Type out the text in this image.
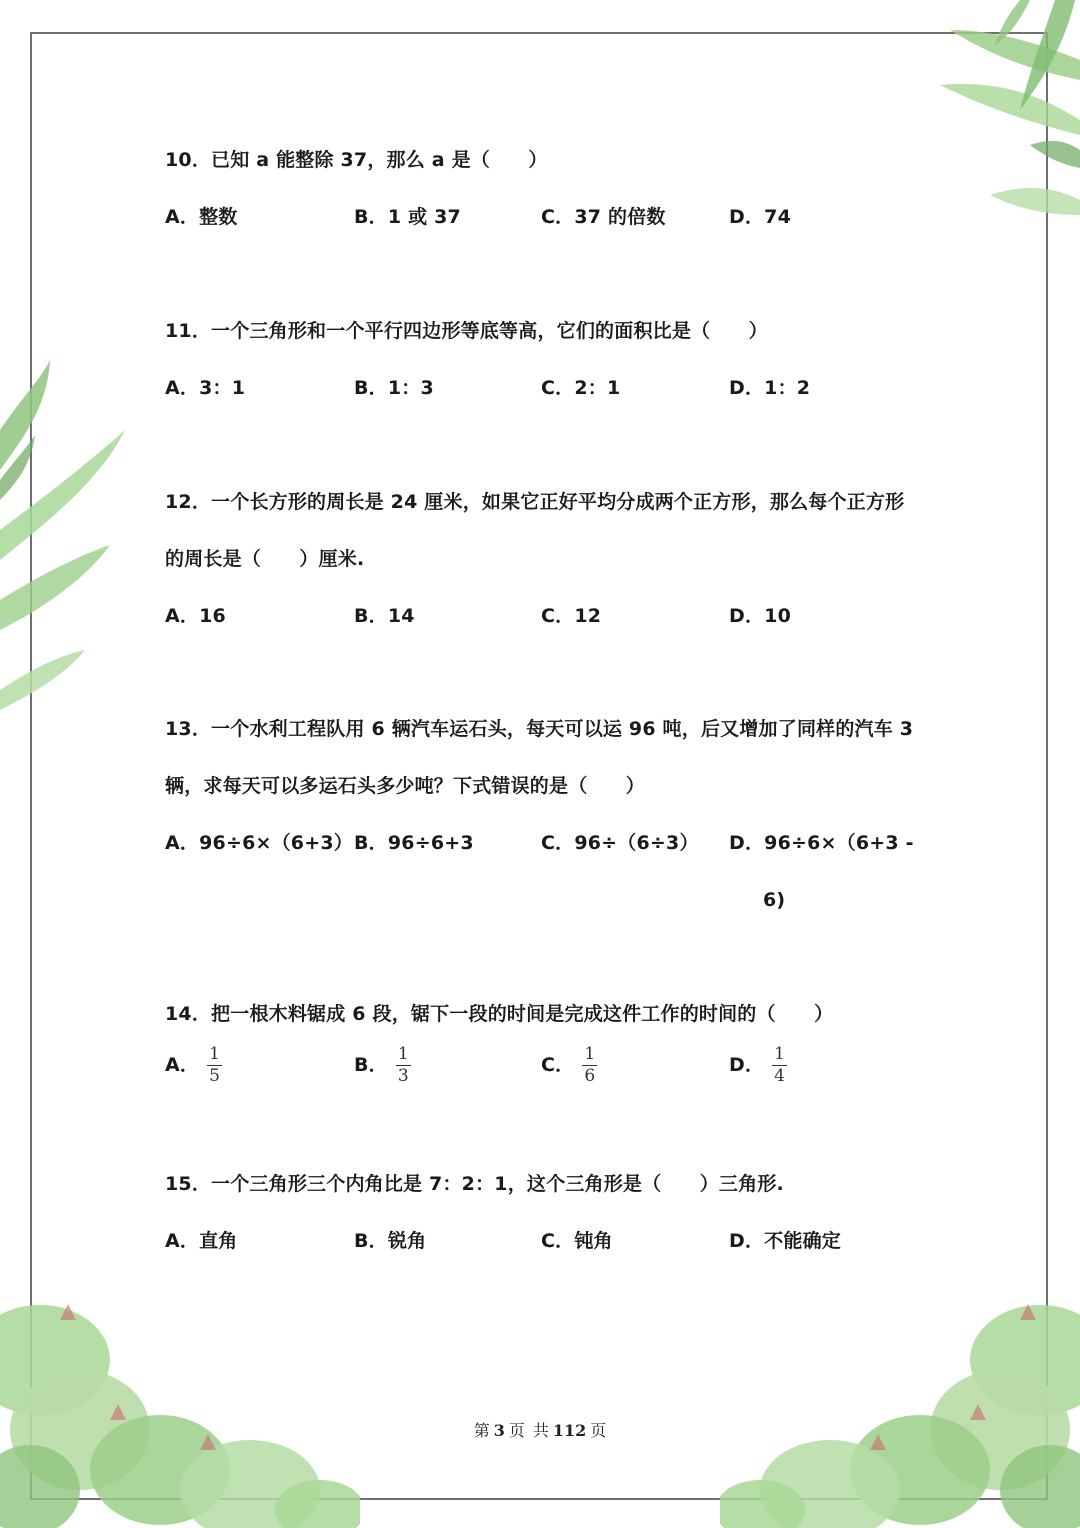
10．已知 a 能整除 37，那么 a 是（　　）
A．整数	B．1 或 37	C．37 的倍数	D．74
11．一个三角形和一个平行四边形等底等高，它们的面积比是（　　）
A．3：1	B．1：3	C．2：1	D．1：2
12．一个长方形的周长是 24 厘米，如果它正好平均分成两个正方形，那么每个正方形
的周长是（　　）厘米.
A．16	B．14	C．12	D．10
13．一个水利工程队用 6 辆汽车运石头，每天可以运 96 吨，后又增加了同样的汽车 3
辆，求每天可以多运石头多少吨？下式错误的是（　　）
A．96÷6×（6+3） B．96÷6+3	C．96÷（6÷3） D．96÷6×（6+3 -
6)
14．把一根木料锯成 6 段，锯下一段的时间是完成这件工作的时间的（　　）
A． $\frac{1}{5}$	B． $\frac{1}{3}$	C． $\frac{1}{6}$	D． $\frac{1}{4}$
15．一个三角形三个内角比是 7：2：1，这个三角形是（　　）三角形.
A．直角	B．锐角	C．钝角	D．不能确定
第 3 页 共 112 页
